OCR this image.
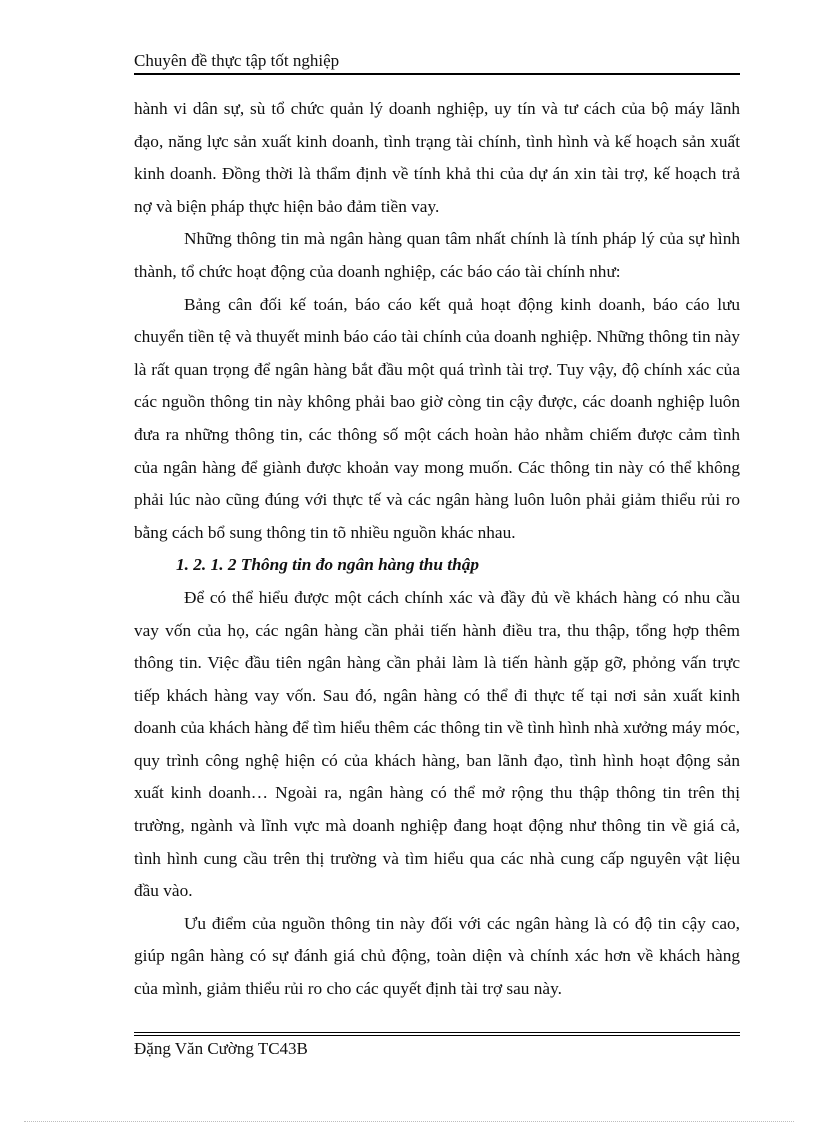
Chuyên đề thực tập tốt nghiệp

hành vi dân sự, sù tổ chức quản lý doanh nghiệp, uy tín và tư cách của bộ máy lãnh đạo, năng lực sản xuất kinh doanh, tình trạng tài chính, tình hình và kế hoạch sản xuất kinh doanh. Đồng thời là thẩm định về tính khả thi của dự án xin tài trợ, kế hoạch trả nợ và biện pháp thực hiện bảo đảm tiền vay.

Những thông tin mà ngân hàng quan tâm nhất chính là tính pháp lý của sự hình thành, tổ chức hoạt động của doanh nghiệp, các báo cáo tài chính như:

Bảng cân đối kế toán, báo cáo kết quả hoạt động kinh doanh, báo cáo lưu chuyển tiền tệ và thuyết minh báo cáo tài chính của doanh nghiệp. Những thông tin này là rất quan trọng để ngân hàng bắt đầu một quá trình tài trợ. Tuy vậy, độ chính xác của các nguồn thông tin này không phải bao giờ còng tin cậy được, các doanh nghiệp luôn đưa ra những thông tin, các thông số một cách hoàn hảo nhằm chiếm được cảm tình của ngân hàng để giành được khoản vay mong muốn. Các thông tin này có thể không phải lúc nào cũng đúng với thực tế và các ngân hàng luôn luôn phải giảm thiểu rủi ro bằng cách bổ sung thông tin tõ nhiều nguồn khác nhau.

1. 2. 1. 2 Thông tin đo ngân hàng thu thập

Để có thể hiểu được một cách chính xác và đầy đủ về khách hàng có nhu cầu vay vốn của họ, các ngân hàng cần phải tiến hành điều tra, thu thập, tổng hợp thêm thông tin. Việc đầu tiên ngân hàng cần phải làm là tiến hành gặp gỡ, phỏng vấn trực tiếp khách hàng vay vốn. Sau đó, ngân hàng có thể đi thực tế tại nơi sản xuất kinh doanh của khách hàng để tìm hiểu thêm các thông tin về tình hình nhà xưởng máy móc, quy trình công nghệ hiện có của khách hàng, ban lãnh đạo, tình hình hoạt động sản xuất kinh doanh… Ngoài ra, ngân hàng có thể mở rộng thu thập thông tin trên thị trường, ngành và lĩnh vực mà doanh nghiệp đang hoạt động như thông tin về giá cả, tình hình cung cầu trên thị trường và tìm hiểu qua các nhà cung cấp nguyên vật liệu đầu vào.

Ưu điểm của nguồn thông tin này đối với các ngân hàng là có độ tin cậy cao, giúp ngân hàng có sự đánh giá chủ động, toàn diện và chính xác hơn về khách hàng của mình, giảm thiểu rủi ro cho các quyết định tài trợ sau này.

Đặng Văn Cường TC43B
